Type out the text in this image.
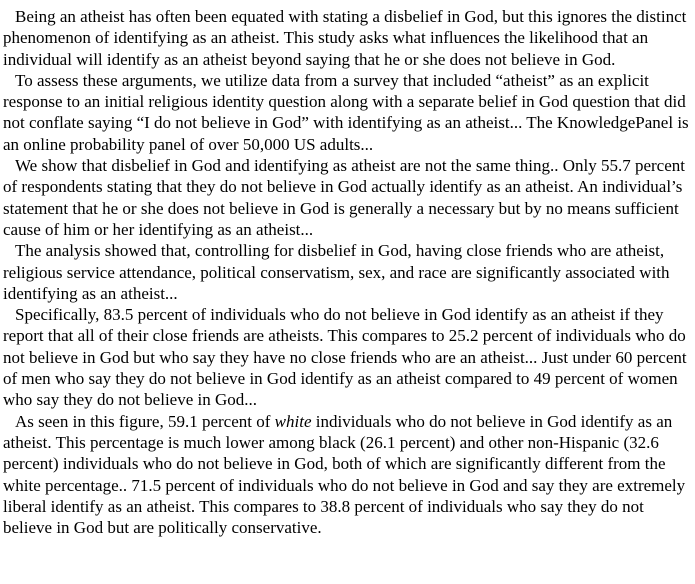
Being an atheist has often been equated with stating a disbelief in God, but this ignores the distinct phenomenon of identifying as an atheist. This study asks what influences the likelihood that an individual will identify as an atheist beyond saying that he or she does not believe in God.

To assess these arguments, we utilize data from a survey that included “atheist” as an explicit response to an initial religious identity question along with a separate belief in God question that did not conflate saying “I do not believe in God” with identifying as an atheist... The KnowledgePanel is an online probability panel of over 50,000 US adults...

We show that disbelief in God and identifying as atheist are not the same thing.. Only 55.7 percent of respondents stating that they do not believe in God actually identify as an atheist. An individual’s statement that he or she does not believe in God is generally a necessary but by no means sufficient cause of him or her identifying as an atheist...

The analysis showed that, controlling for disbelief in God, having close friends who are atheist, religious service attendance, political conservatism, sex, and race are significantly associated with identifying as an atheist...

Specifically, 83.5 percent of individuals who do not believe in God identify as an atheist if they report that all of their close friends are atheists. This compares to 25.2 percent of individuals who do not believe in God but who say they have no close friends who are an atheist... Just under 60 percent of men who say they do not believe in God identify as an atheist compared to 49 percent of women who say they do not believe in God...

As seen in this figure, 59.1 percent of white individuals who do not believe in God identify as an atheist. This percentage is much lower among black (26.1 percent) and other non-Hispanic (32.6 percent) individuals who do not believe in God, both of which are significantly different from the white percentage.. 71.5 percent of individuals who do not believe in God and say they are extremely liberal identify as an atheist. This compares to 38.8 percent of individuals who say they do not believe in God but are politically conservative.
